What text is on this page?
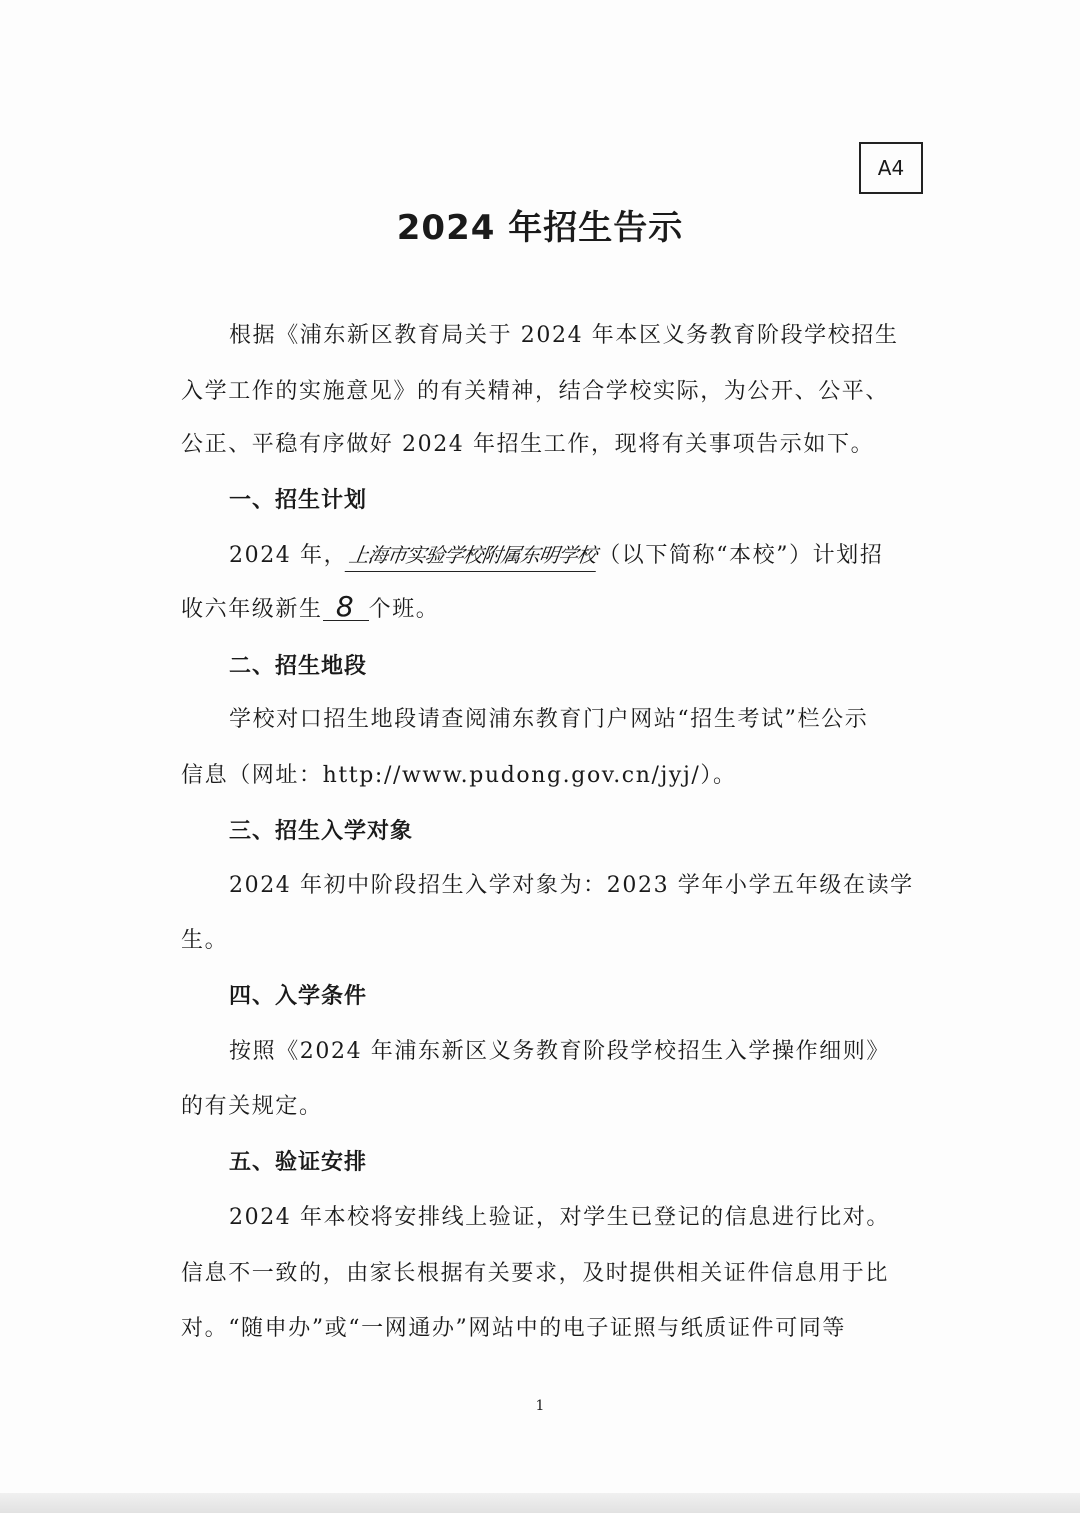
A4
2024 年招生告示
根据《浦东新区教育局关于 2024 年本区义务教育阶段学校招生
入学工作的实施意见》的有关精神，结合学校实际，为公开、公平、
公正、平稳有序做好 2024 年招生工作，现将有关事项告示如下。
一、招生计划
2024 年，上海市实验学校附属东明学校（以下简称“本校”）计划招
收六年级新生 8 个班。
二、招生地段
学校对口招生地段请查阅浦东教育门户网站“招生考试”栏公示
信息（网址：http://www.pudong.gov.cn/jyj/）。
三、招生入学对象
2024 年初中阶段招生入学对象为：2023 学年小学五年级在读学
生。
四、入学条件
按照《2024 年浦东新区义务教育阶段学校招生入学操作细则》
的有关规定。
五、验证安排
2024 年本校将安排线上验证，对学生已登记的信息进行比对。
信息不一致的，由家长根据有关要求，及时提供相关证件信息用于比
对。“随申办”或“一网通办”网站中的电子证照与纸质证件可同等
1
